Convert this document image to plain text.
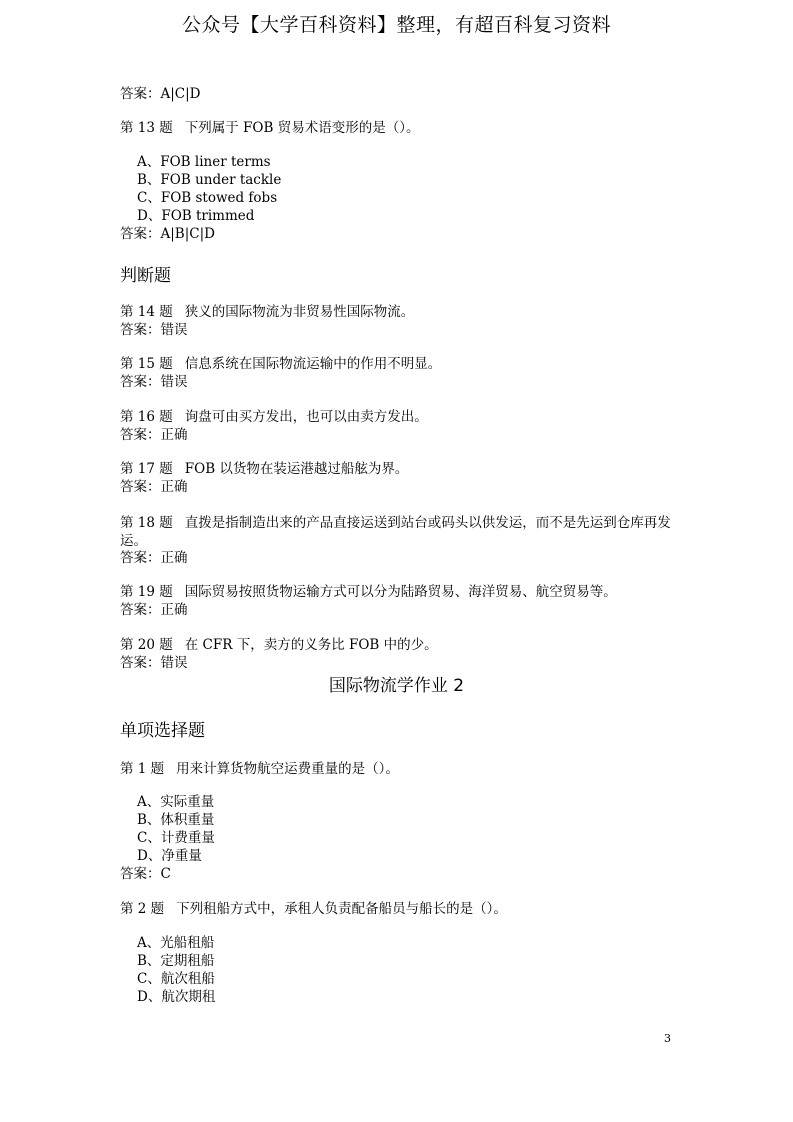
公众号【大学百科资料】整理，有超百科复习资料
答案：A|C|D
第 13 题 下列属于 FOB 贸易术语变形的是（）。
A、FOB liner terms
B、FOB under tackle
C、FOB stowed fobs
D、FOB trimmed
答案：A|B|C|D
判断题
第 14 题 狭义的国际物流为非贸易性国际物流。
答案：错误
第 15 题 信息系统在国际物流运输中的作用不明显。
答案：错误
第 16 题 询盘可由买方发出，也可以由卖方发出。
答案：正确
第 17 题 FOB 以货物在装运港越过船舷为界。
答案：正确
第 18 题 直拨是指制造出来的产品直接运送到站台或码头以供发运，而不是先运到仓库再发运。
答案：正确
第 19 题 国际贸易按照货物运输方式可以分为陆路贸易、海洋贸易、航空贸易等。
答案：正确
第 20 题 在 CFR 下，卖方的义务比 FOB 中的少。
答案：错误
国际物流学作业 2
单项选择题
第 1 题 用来计算货物航空运费重量的是（）。
A、实际重量
B、体积重量
C、计费重量
D、净重量
答案：C
第 2 题 下列租船方式中，承租人负责配备船员与船长的是（）。
A、光船租船
B、定期租船
C、航次租船
D、航次期租
3
